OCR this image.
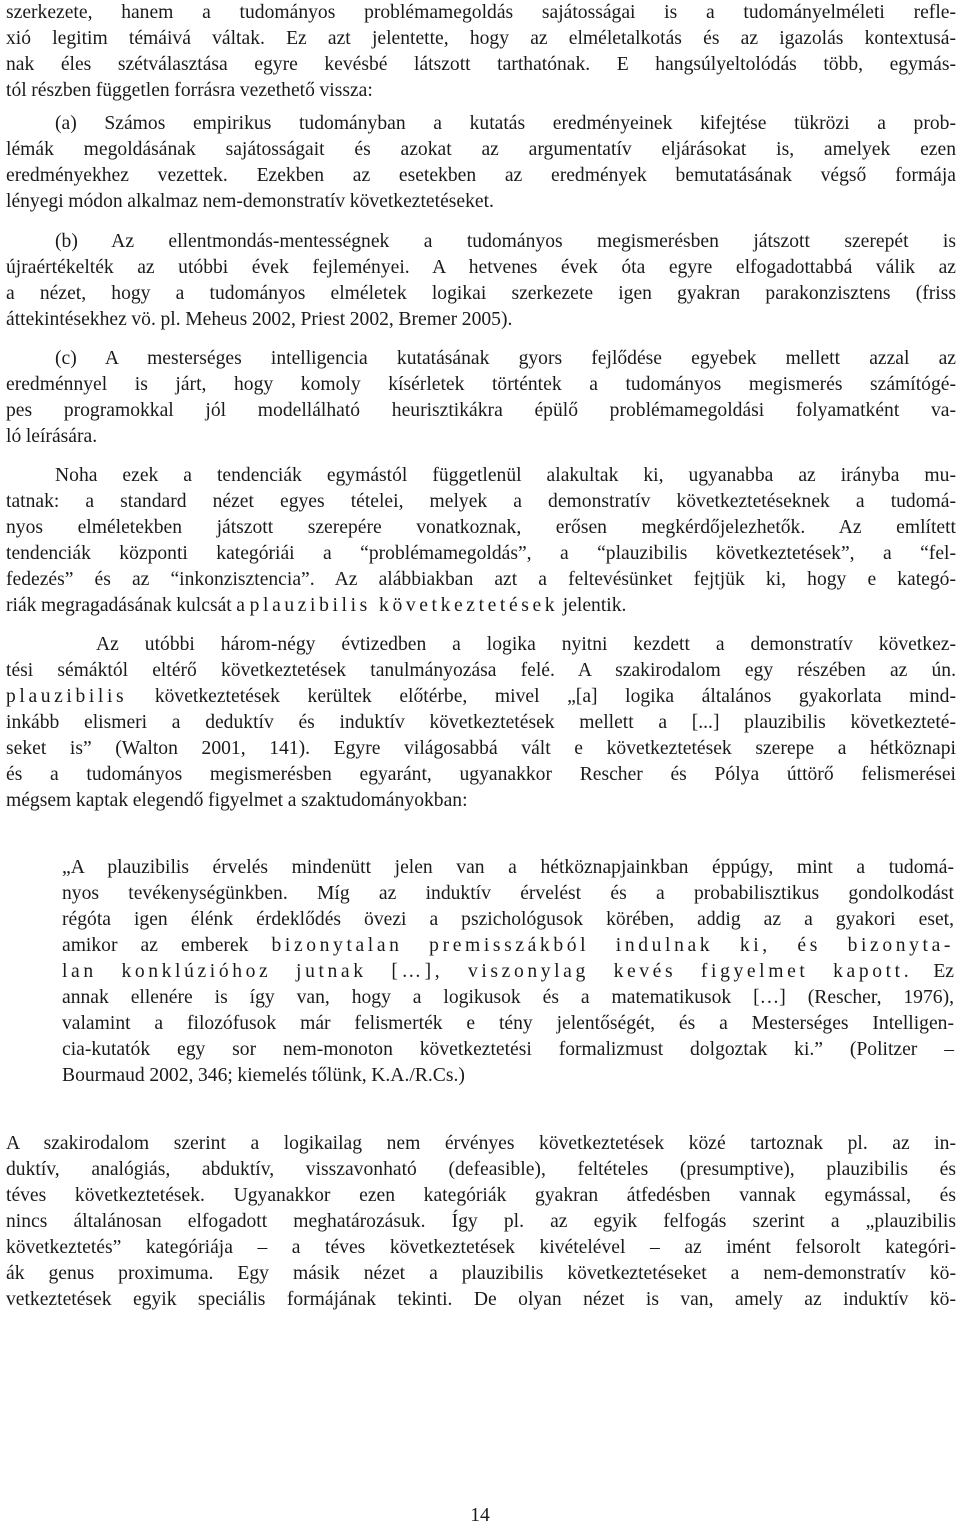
szerkezete, hanem a tudományos problémamegoldás sajátosságai is a tudományelméleti refle-
xió legitim témáivá váltak. Ez azt jelentette, hogy az elméletalkotás és az igazolás kontextusá-
nak éles szétválasztása egyre kevésbé látszott tarthatónak. E hangsúlyeltolódás több, egymás-
tól részben független forrásra vezethető vissza:
(a) Számos empirikus tudományban a kutatás eredményeinek kifejtése tükrözi a prob-
lémák megoldásának sajátosságait és azokat az argumentatív eljárásokat is, amelyek ezen
eredményekhez vezettek. Ezekben az esetekben az eredmények bemutatásának végső formája
lényegi módon alkalmaz nem-demonstratív következtetéseket.
(b) Az ellentmondás-mentességnek a tudományos megismerésben játszott szerepét is
újraértékelték az utóbbi évek fejleményei. A hetvenes évek óta egyre elfogadottabbá válik az
a nézet, hogy a tudományos elméletek logikai szerkezete igen gyakran parakonzisztens (friss
áttekintésekhez vö. pl. Meheus 2002, Priest 2002, Bremer 2005).
(c) A mesterséges intelligencia kutatásának gyors fejlődése egyebek mellett azzal az
eredménnyel is járt, hogy komoly kísérletek történtek a tudományos megismerés számítógé-
pes programokkal jól modellálható heurisztikákra épülő problémamegoldási folyamatként va-
ló leírására.
Noha ezek a tendenciák egymástól függetlenül alakultak ki, ugyanabba az irányba mu-
tatnak: a standard nézet egyes tételei, melyek a demonstratív következtetéseknek a tudomá-
nyos elméletekben játszott szerepére vonatkoznak, erősen megkérdőjelezhetők. Az említett
tendenciák központi kategóriái a “problémamegoldás”, a “plauzibilis következtetések”, a “fel-
fedezés” és az “inkonzisztencia”. Az alábbiakban azt a feltevésünket fejtjük ki, hogy e kategó-
riák megragadásának kulcsát a plauzibilis következtetések jelentik.
Az utóbbi három-négy évtizedben a logika nyitni kezdett a demonstratív következ-
tési sémáktól eltérő következtetések tanulmányozása felé. A szakirodalom egy részében az ún.
plauzibilis következtetések kerültek előtérbe, mivel „[a] logika általános gyakorlata mind-
inkább elismeri a deduktív és induktív következtetések mellett a [...] plauzibilis következteté-
seket is” (Walton 2001, 141). Egyre világosabbá vált e következtetések szerepe a hétköznapi
és a tudományos megismerésben egyaránt, ugyanakkor Rescher és Pólya úttörő felismerései
mégsem kaptak elegendő figyelmet a szaktudományokban:
„A plauzibilis érvelés mindenütt jelen van a hétköznapjainkban éppúgy, mint a tudomá-
nyos tevékenységünkben. Míg az induktív érvelést és a probabilisztikus gondolkodást
régóta igen élénk érdeklődés övezi a pszichológusok körében, addig az a gyakori eset,
amikor az emberek bizonytalan premisszákból indulnak ki, és bizonyta-
lan konklúzióhoz jutnak […], viszonylag kevés figyelmet kapott. Ez
annak ellenére is így van, hogy a logikusok és a matematikusok […] (Rescher, 1976),
valamint a filozófusok már felismerték e tény jelentőségét, és a Mesterséges Intelligen-
cia-kutatók egy sor nem-monoton következtetési formalizmust dolgoztak ki.” (Politzer –
Bourmaud 2002, 346; kiemelés tőlünk, K.A./R.Cs.)
A szakirodalom szerint a logikailag nem érvényes következtetések közé tartoznak pl. az in-
duktív, analógiás, abduktív, visszavonható (defeasible), feltételes (presumptive), plauzibilis és
téves következtetések. Ugyanakkor ezen kategóriák gyakran átfedésben vannak egymással, és
nincs általánosan elfogadott meghatározásuk. Így pl. az egyik felfogás szerint a „plauzibilis
következtetés” kategóriája – a téves következtetések kivételével – az imént felsorolt kategóri-
ák genus proximuma. Egy másik nézet a plauzibilis következtetéseket a nem-demonstratív kö-
vetkeztetések egyik speciális formájának tekinti. De olyan nézet is van, amely az induktív kö-
14
